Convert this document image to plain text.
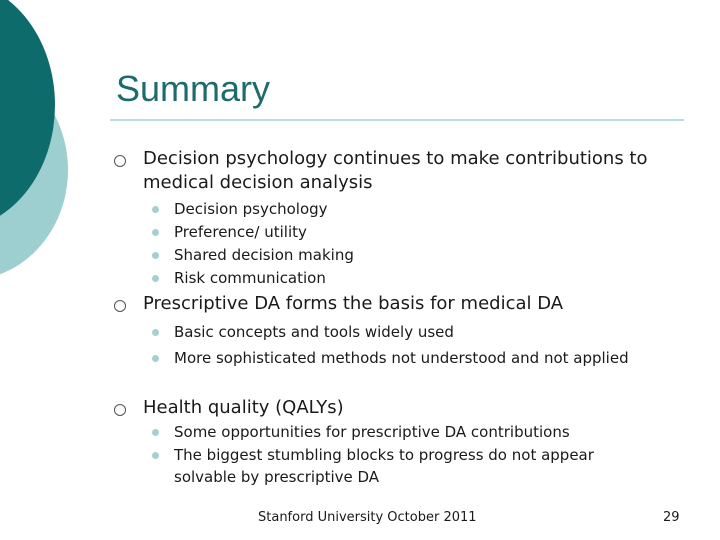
Summary
Decision psychology continues to make contributions to medical decision analysis
Decision psychology
Preference/ utility
Shared decision making
Risk communication
Prescriptive DA forms the basis for medical DA
Basic concepts and tools widely used
More sophisticated methods not understood and not applied
Health quality (QALYs)
Some opportunities for prescriptive DA contributions
The biggest stumbling blocks to progress do not appear solvable by prescriptive DA
Stanford University October 2011	29
